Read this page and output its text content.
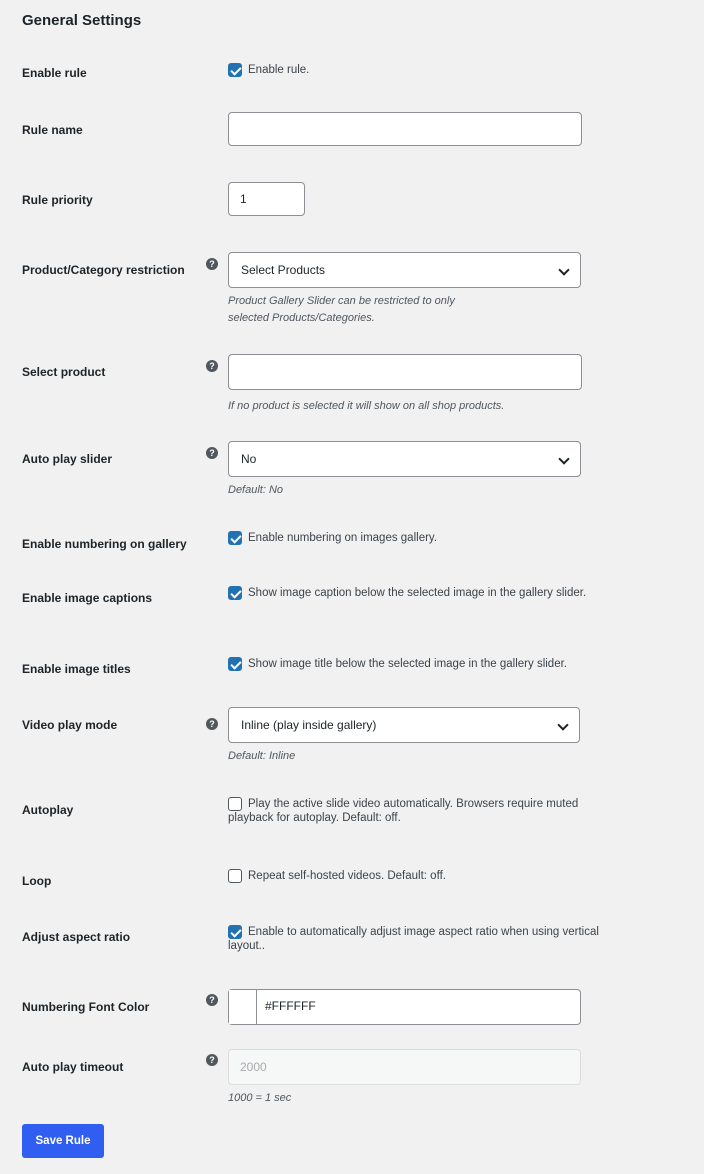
General Settings
Enable rule	Enable rule.
Rule name
Rule priority	1
Product/Category restriction	?	Select Products
Product Gallery Slider can be restricted to only
selected Products/Categories.
Select product	?
If no product is selected it will show on all shop products.
Auto play slider	?	No
Default: No
Enable numbering on gallery	Enable numbering on images gallery.
Enable image captions	Show image caption below the selected image in the gallery slider.
Enable image titles	Show image title below the selected image in the gallery slider.
Video play mode	?	Inline (play inside gallery)
Default: Inline
Autoplay	Play the active slide video automatically. Browsers require muted playback for autoplay. Default: off.
Loop	Repeat self-hosted videos. Default: off.
Adjust aspect ratio	Enable to automatically adjust image aspect ratio when using vertical layout..
Numbering Font Color	?	#FFFFFF
Auto play timeout	?	2000
1000 = 1 sec
Save Rule
